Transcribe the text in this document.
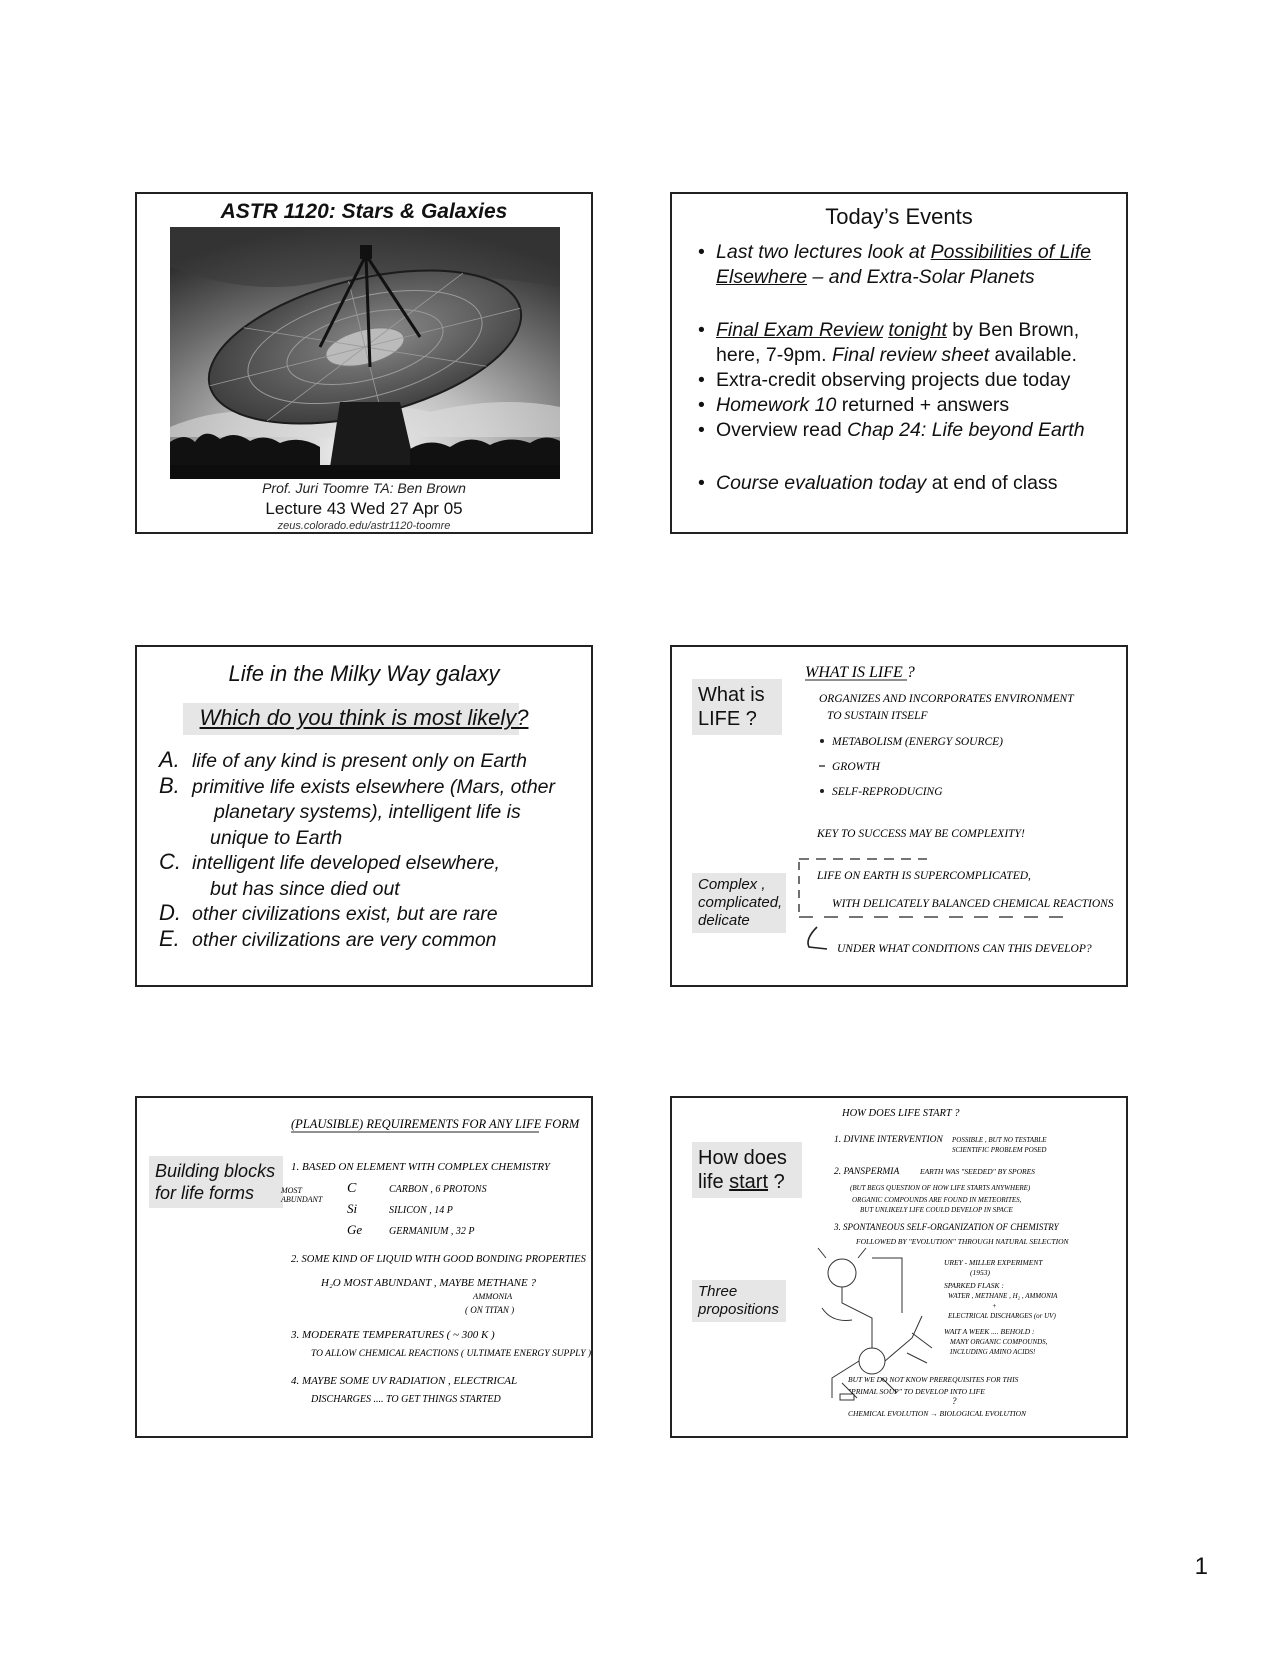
ASTR 1120: Stars & Galaxies
Prof. Juri Toomre TA: Ben Brown
Lecture 43 Wed 27 Apr 05
zeus.colorado.edu/astr1120-toomre
Today’s Events
• Last two lectures look at Possibilities of Life Elsewhere – and Extra-Solar Planets
• Final Exam Review tonight by Ben Brown, here, 7-9pm. Final review sheet available.
• Extra-credit observing projects due today
• Homework 10 returned + answers
• Overview read Chap 24: Life beyond Earth
• Course evaluation today at end of class
Life in the Milky Way galaxy
Which do you think is most likely?
A. life of any kind is present only on Earth
B. primitive life exists elsewhere (Mars, other
planetary systems), intelligent life is
unique to Earth
C. intelligent life developed elsewhere,
but has since died out
D. other civilizations exist, but are rare
E. other civilizations are very common
What is
LIFE ?
Complex ,
complicated,
delicate
WHAT IS LIFE ?
ORGANIZES AND INCORPORATES ENVIRONMENT
TO SUSTAIN ITSELF
METABOLISM (ENERGY SOURCE)
GROWTH
SELF-REPRODUCING
KEY TO SUCCESS MAY BE COMPLEXITY!
LIFE ON EARTH IS SUPERCOMPLICATED,
WITH DELICATELY BALANCED CHEMICAL REACTIONS
UNDER WHAT CONDITIONS CAN THIS DEVELOP?
Building blocks
for life forms
(PLAUSIBLE) REQUIREMENTS FOR ANY LIFE FORM
1. BASED ON ELEMENT WITH COMPLEX CHEMISTRY
MOST
ABUNDANT
C	CARBON , 6 PROTONS
Si	SILICON , 14 P
Ge	GERMANIUM , 32 P
2. SOME KIND OF LIQUID WITH GOOD BONDING PROPERTIES
H₂O MOST ABUNDANT , MAYBE METHANE ?
AMMONIA
( ON TITAN )
3. MODERATE TEMPERATURES ( ~ 300 K )
TO ALLOW CHEMICAL REACTIONS ( ULTIMATE ENERGY SUPPLY )
4. MAYBE SOME UV RADIATION , ELECTRICAL
DISCHARGES .... TO GET THINGS STARTED
How does
life start ?
Three
propositions
HOW DOES LIFE START ?
1. DIVINE INTERVENTION POSSIBLE , BUT NO TESTABLE
SCIENTIFIC PROBLEM POSED
2. PANSPERMIA	EARTH WAS "SEEDED" BY SPORES
(BUT BEGS QUESTION OF HOW LIFE STARTS ANYWHERE)
ORGANIC COMPOUNDS ARE FOUND IN METEORITES,
BUT UNLIKELY LIFE COULD DEVELOP IN SPACE
3. SPONTANEOUS SELF-ORGANIZATION OF CHEMISTRY
FOLLOWED BY "EVOLUTION" THROUGH NATURAL SELECTION
UREY - MILLER EXPERIMENT
(1953)
SPARKED FLASK :
WATER , METHANE , H₂ , AMMONIA
+
ELECTRICAL DISCHARGES (or UV)
WAIT A WEEK .... BEHOLD :
MANY ORGANIC COMPOUNDS,
INCLUDING AMINO ACIDS!
BUT WE DO NOT KNOW PREREQUISITES FOR THIS
"PRIMAL SOUP" TO DEVELOP INTO LIFE
?
CHEMICAL EVOLUTION → BIOLOGICAL EVOLUTION
1
